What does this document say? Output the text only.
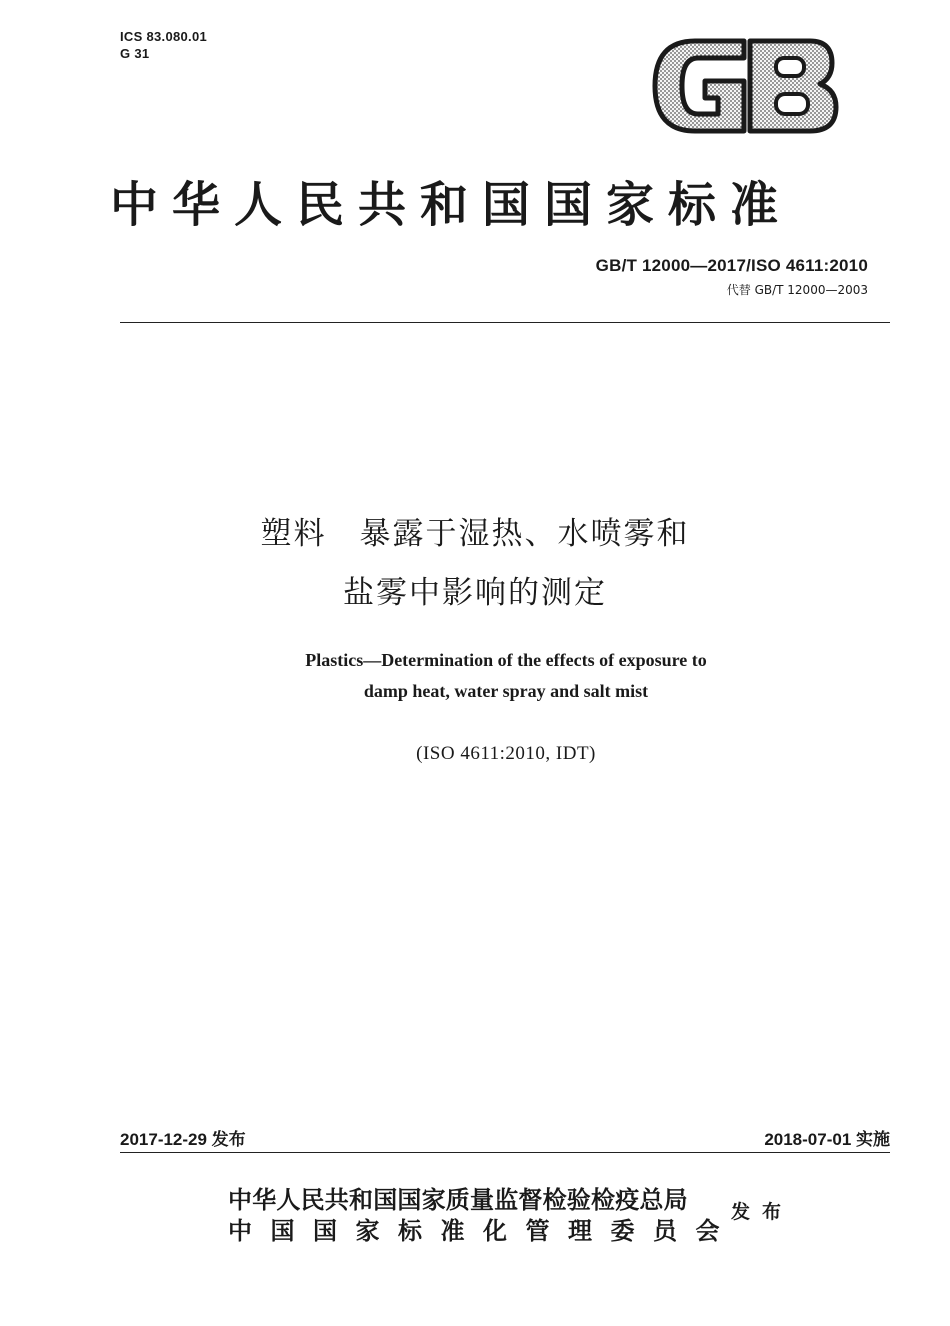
ICS 83.080.01
G 31
中华人民共和国国家标准
GB/T 12000—2017/ISO 4611:2010
代替 GB/T 12000—2003
塑料　暴露于湿热、水喷雾和
盐雾中影响的测定
Plastics—Determination of the effects of exposure to
damp heat, water spray and salt mist
(ISO 4611:2010, IDT)
2017-12-29 发布	2018-07-01 实施
中华人民共和国国家质量监督检验检疫总局
中国国家标准化管理委员会
发布
